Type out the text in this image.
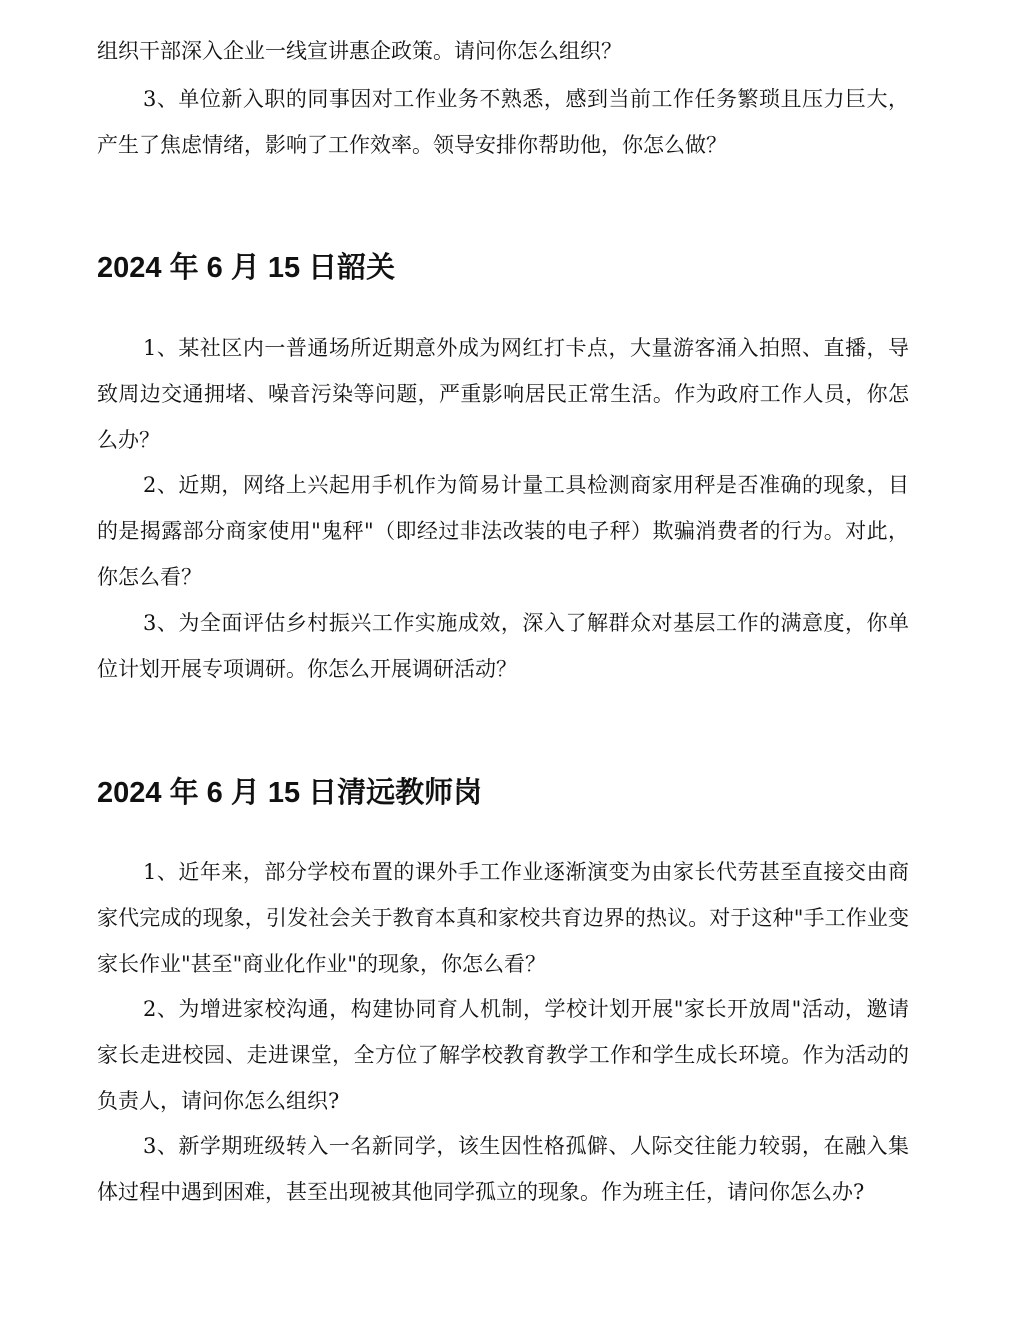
组织干部深入企业一线宣讲惠企政策。请问你怎么组织？

3、单位新入职的同事因对工作业务不熟悉，感到当前工作任务繁琐且压力巨大，产生了焦虑情绪，影响了工作效率。领导安排你帮助他，你怎么做？

2024 年 6 月 15 日韶关

1、某社区内一普通场所近期意外成为网红打卡点，大量游客涌入拍照、直播，导致周边交通拥堵、噪音污染等问题，严重影响居民正常生活。作为政府工作人员，你怎么办？

2、近期，网络上兴起用手机作为简易计量工具检测商家用秤是否准确的现象，目的是揭露部分商家使用"鬼秤"（即经过非法改装的电子秤）欺骗消费者的行为。对此，你怎么看？

3、为全面评估乡村振兴工作实施成效，深入了解群众对基层工作的满意度，你单位计划开展专项调研。你怎么开展调研活动？

2024 年 6 月 15 日清远教师岗

1、近年来，部分学校布置的课外手工作业逐渐演变为由家长代劳甚至直接交由商家代完成的现象，引发社会关于教育本真和家校共育边界的热议。对于这种"手工作业变家长作业"甚至"商业化作业"的现象，你怎么看？

2、为增进家校沟通，构建协同育人机制，学校计划开展"家长开放周"活动，邀请家长走进校园、走进课堂，全方位了解学校教育教学工作和学生成长环境。作为活动的负责人，请问你怎么组织?

3、新学期班级转入一名新同学，该生因性格孤僻、人际交往能力较弱，在融入集体过程中遇到困难，甚至出现被其他同学孤立的现象。作为班主任，请问你怎么办?
